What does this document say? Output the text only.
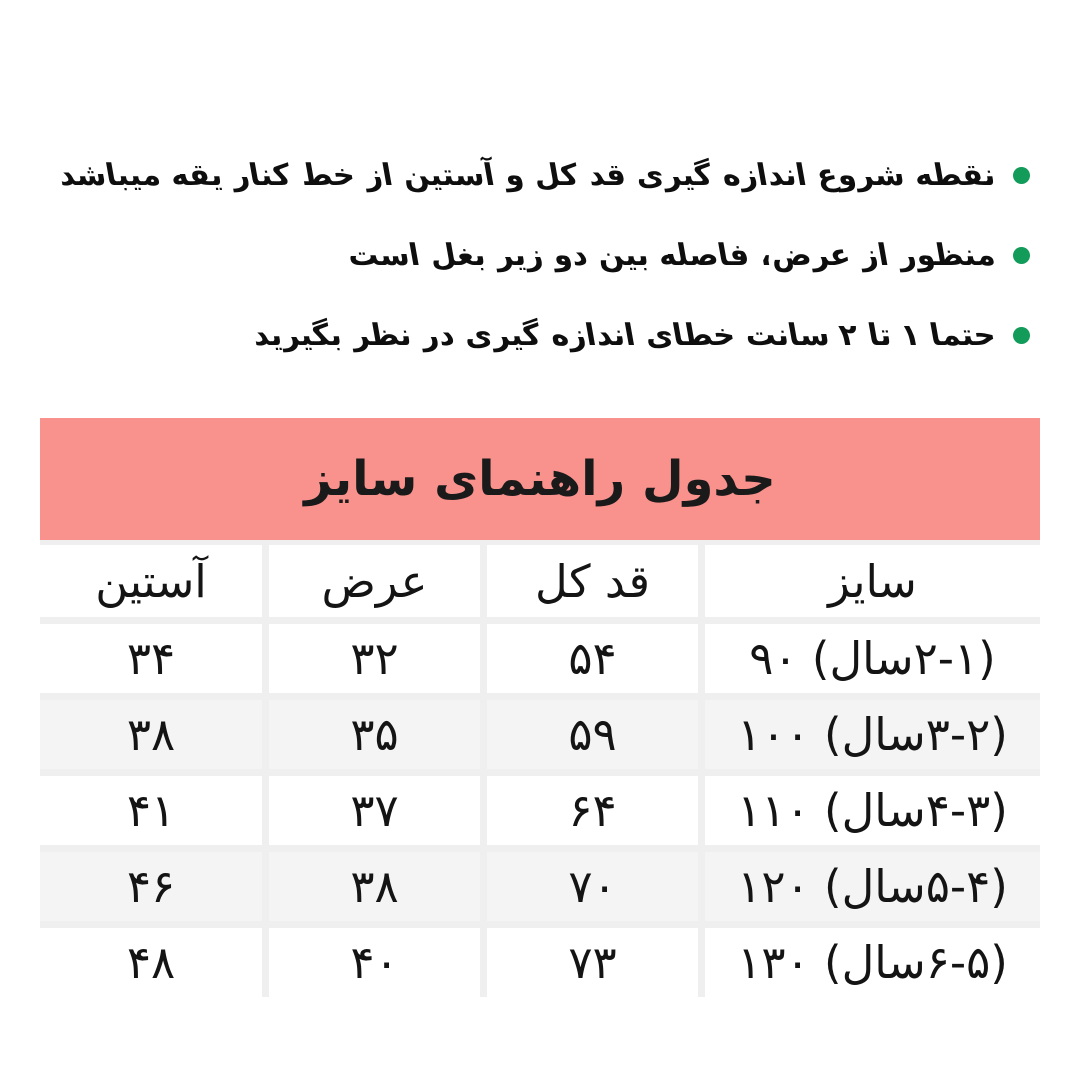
نقطه شروع اندازه گیری قد کل و آستین از خط کنار یقه میباشد
منظور از عرض، فاصله بین دو زیر بغل است
حتما ۱ تا ۲ سانت خطای اندازه گیری در نظر بگیرید
جدول راهنمای سایز
سایز
قد کل
عرض
آستین
(۲-۱سال) ۹۰
۵۴
۳۲
۳۴
(۳-۲سال) ۱۰۰
۵۹
۳۵
۳۸
(۴-۳سال) ۱۱۰
۶۴
۳۷
۴۱
(۵-۴سال) ۱۲۰
۷۰
۳۸
۴۶
(۶-۵سال) ۱۳۰
۷۳
۴۰
۴۸
